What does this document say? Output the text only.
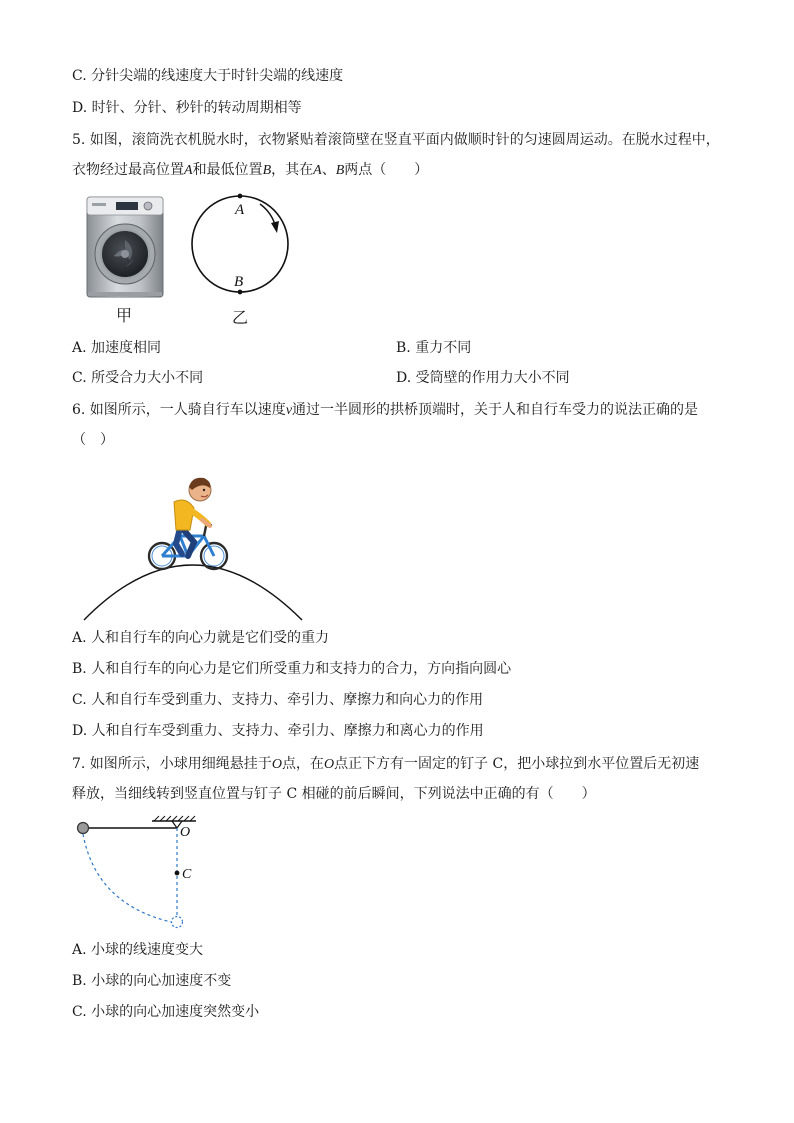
C. 分针尖端的线速度大于时针尖端的线速度
D. 时针、分针、秒针的转动周期相等
5. 如图，滚筒洗衣机脱水时，衣物紧贴着滚筒壁在竖直平面内做顺时针的匀速圆周运动。在脱水过程中，
衣物经过最高位置A和最低位置B，其在A、B两点（　　）
甲
A
B
乙
A. 加速度相同	B. 重力不同
C. 所受合力大小不同	D. 受筒壁的作用力大小不同
6. 如图所示，一人骑自行车以速度v通过一半圆形的拱桥顶端时，关于人和自行车受力的说法正确的是
（　）
A. 人和自行车的向心力就是它们受的重力
B. 人和自行车的向心力是它们所受重力和支持力的合力，方向指向圆心
C. 人和自行车受到重力、支持力、牵引力、摩擦力和向心力的作用
D. 人和自行车受到重力、支持力、牵引力、摩擦力和离心力的作用
7. 如图所示，小球用细绳悬挂于O点，在O点正下方有一固定的钉子 C，把小球拉到水平位置后无初速
释放，当细线转到竖直位置与钉子 C 相碰的前后瞬间，下列说法中正确的有（　　）
O
C
A. 小球的线速度变大
B. 小球的向心加速度不变
C. 小球的向心加速度突然变小
